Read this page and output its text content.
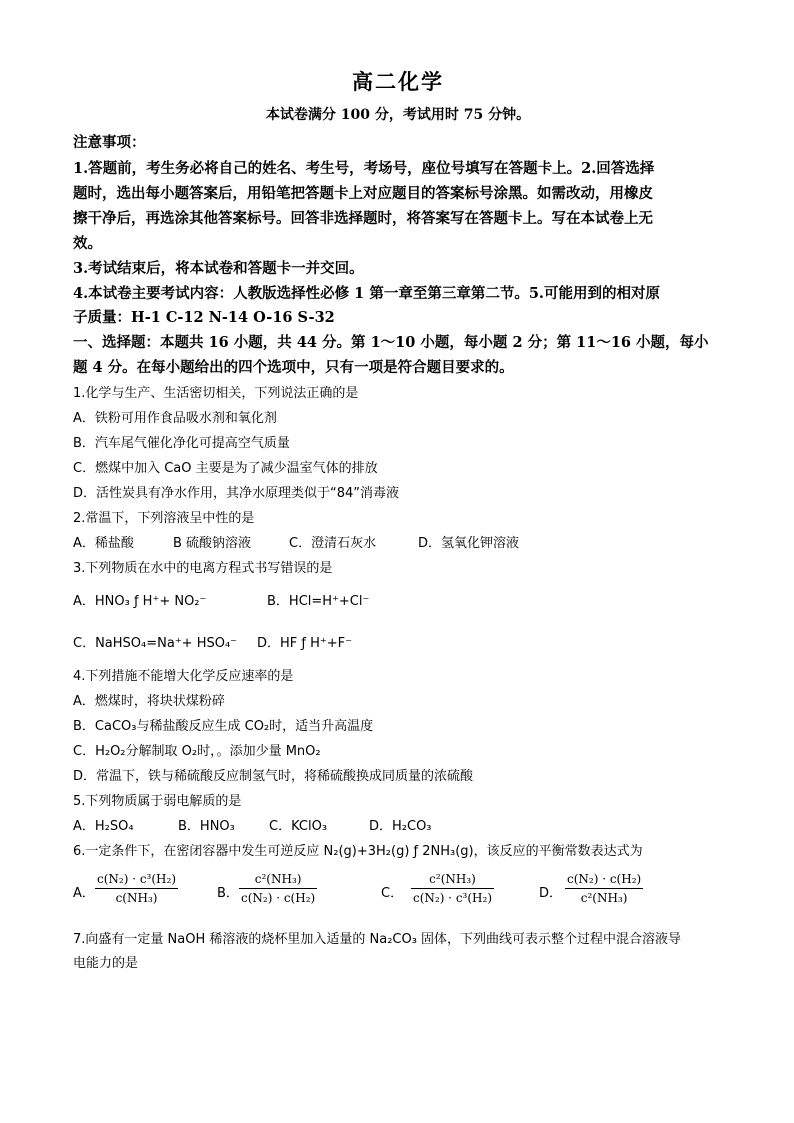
高二化学
本试卷满分 100 分，考试用时 75 分钟。
注意事项：
1.答题前，考生务必将自己的姓名、考生号，考场号，座位号填写在答题卡上。2.回答选择
题时，选出每小题答案后，用铅笔把答题卡上对应题目的答案标号涂黑。如需改动，用橡皮
擦干净后，再选涂其他答案标号。回答非选择题时，将答案写在答题卡上。写在本试卷上无
效。
3.考试结束后，将本试卷和答题卡一并交回。
4.本试卷主要考试内容：人教版选择性必修 1 第一章至第三章第二节。5.可能用到的相对原
子质量：H-1 C-12 N-14 O-16 S-32
一、选择题：本题共 16 小题，共 44 分。第 1～10 小题，每小题 2 分；第 11～16 小题，每小
题 4 分。在每小题给出的四个选项中，只有一项是符合题目要求的。
1.化学与生产、生活密切相关，下列说法正确的是
A．铁粉可用作食品吸水剂和氧化剂
B．汽车尾气催化净化可提高空气质量
C．燃煤中加入 CaO 主要是为了减少温室气体的排放
D．活性炭具有净水作用，其净水原理类似于“84”消毒液
2.常温下，下列溶液呈中性的是
A．稀盐酸	B 硫酸钠溶液	C．澄清石灰水	D．氢氧化钾溶液
3.下列物质在水中的电离方程式书写错误的是
A．HNO₃ ƒ H⁺+ NO₂⁻	B．HCl=H⁺+Cl⁻
C．NaHSO₄=Na⁺+ HSO₄⁻ D．HF ƒ H⁺+F⁻
4.下列措施不能增大化学反应速率的是
A．燃煤时，将块状煤粉碎
B．CaCO₃与稀盐酸反应生成 CO₂时，适当升高温度
C．H₂O₂分解制取 O₂时，。添加少量 MnO₂
D．常温下，铁与稀硫酸反应制氢气时，将稀硫酸换成同质量的浓硫酸
5.下列物质属于弱电解质的是
A．H₂SO₄	B．HNO₃	C．KClO₃	D．H₂CO₃
6.一定条件下，在密闭容器中发生可逆反应 N₂(g)+3H₂(g) ƒ 2NH₃(g)，该反应的平衡常数表达式为
A． $\frac{\text{c(N₂) · c³(H₂)}}{\text{c(NH₃)}}$	B． $\frac{\text{c²(NH₃)}}{\text{c(N₂) · c(H₂)}}$	C． $\frac{\text{c²(NH₃)}}{\text{c(N₂) · c³(H₂)}}$	D． $\frac{\text{c(N₂) · c(H₂)}}{\text{c²(NH₃)}}$
7.向盛有一定量 NaOH 稀溶液的烧杯里加入适量的 Na₂CO₃ 固体，下列曲线可表示整个过程中混合溶液导
电能力的是
